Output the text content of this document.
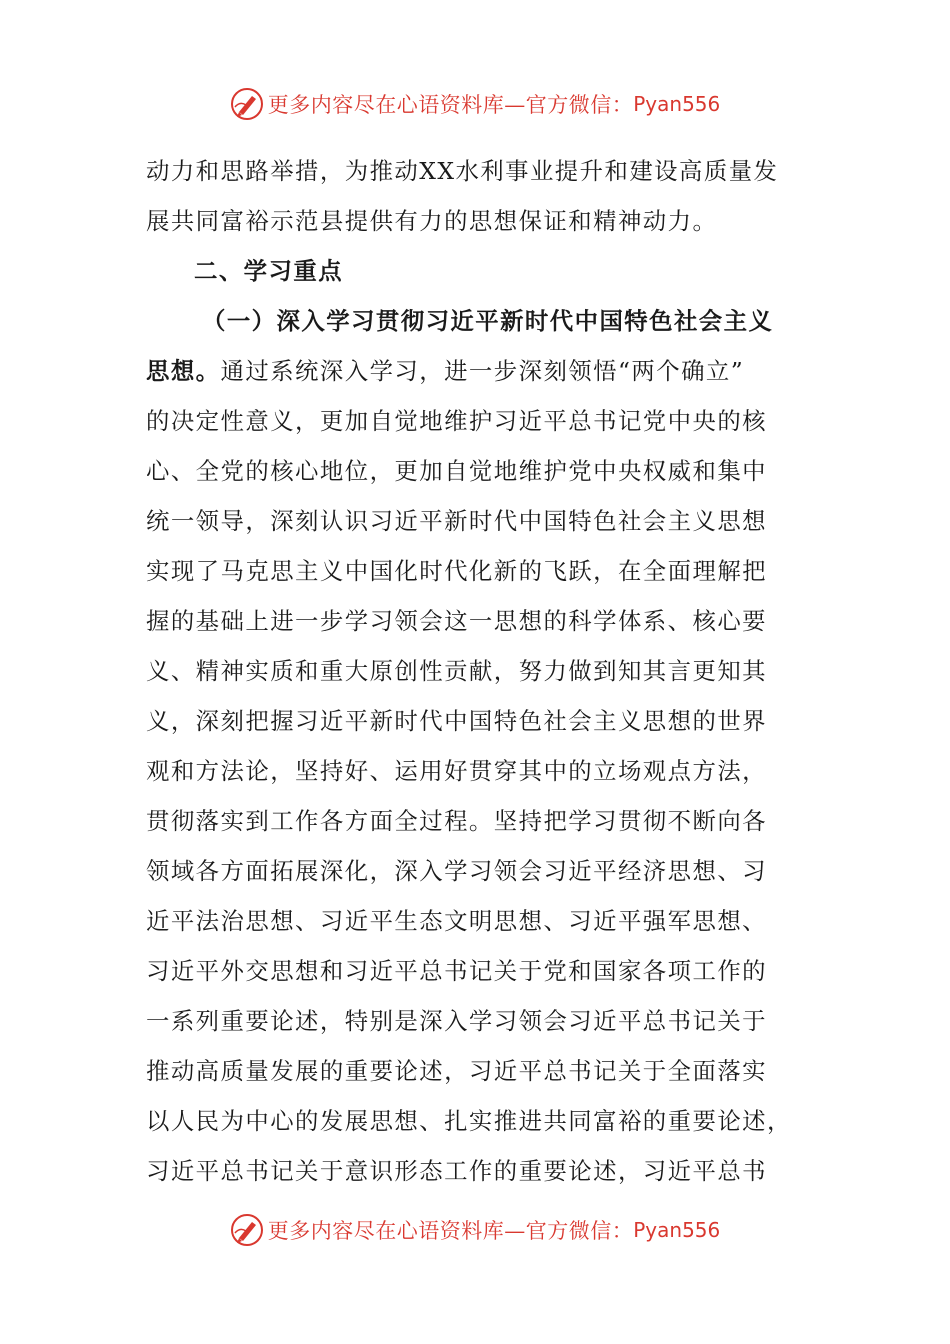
更多内容尽在心语资料库—官方微信： Pyan556
动力和思路举措，为推动XX水利事业提升和建设高质量发
展共同富裕示范县提供有力的思想保证和精神动力。
二、学习重点
（一）深入学习贯彻习近平新时代中国特色社会主义
思想。通过系统深入学习，进一步深刻领悟“两个确立”
的决定性意义，更加自觉地维护习近平总书记党中央的核
心、全党的核心地位，更加自觉地维护党中央权威和集中
统一领导，深刻认识习近平新时代中国特色社会主义思想
实现了马克思主义中国化时代化新的飞跃，在全面理解把
握的基础上进一步学习领会这一思想的科学体系、核心要
义、精神实质和重大原创性贡献，努力做到知其言更知其
义，深刻把握习近平新时代中国特色社会主义思想的世界
观和方法论，坚持好、运用好贯穿其中的立场观点方法，
贯彻落实到工作各方面全过程。坚持把学习贯彻不断向各
领域各方面拓展深化，深入学习领会习近平经济思想、习
近平法治思想、习近平生态文明思想、习近平强军思想、
习近平外交思想和习近平总书记关于党和国家各项工作的
一系列重要论述，特别是深入学习领会习近平总书记关于
推动高质量发展的重要论述，习近平总书记关于全面落实
以人民为中心的发展思想、扎实推进共同富裕的重要论述，
习近平总书记关于意识形态工作的重要论述，习近平总书
更多内容尽在心语资料库—官方微信： Pyan556
